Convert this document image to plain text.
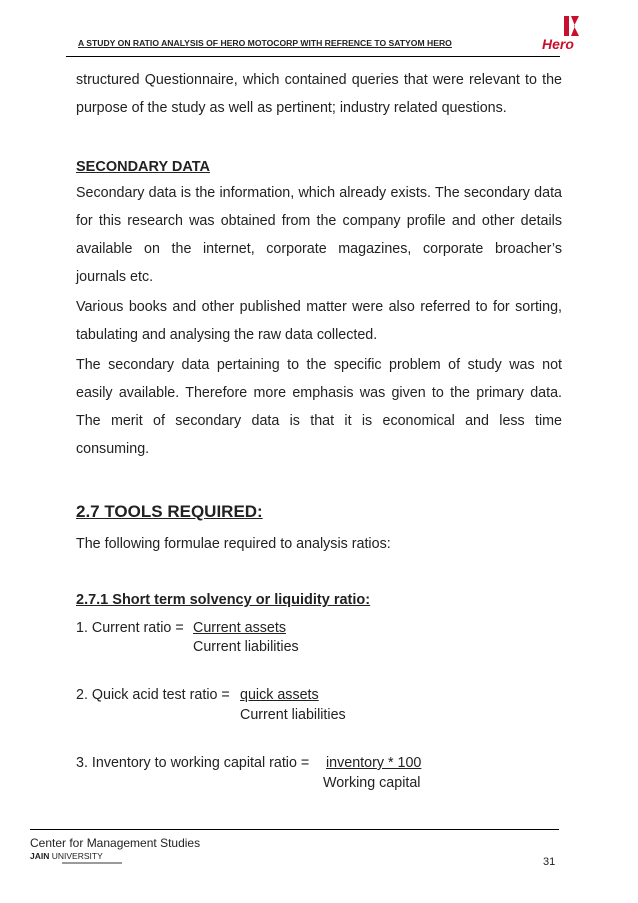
A STUDY ON RATIO ANALYSIS OF HERO MOTOCORP WITH REFRENCE TO SATYOM HERO	Hero
structured Questionnaire, which contained queries that were relevant to the purpose of the study as well as pertinent; industry related questions.
SECONDARY DATA
Secondary data is the information, which already exists. The secondary data for this research was obtained from the company profile and other details available on the internet, corporate magazines, corporate broacher’s journals etc.
Various books and other published matter were also referred to for sorting, tabulating and analysing the raw data collected.
The secondary data pertaining to the specific problem of study was not easily available. Therefore more emphasis was given to the primary data. The merit of secondary data is that it is economical and less time consuming.
2.7 TOOLS REQUIRED:
The following formulae required to analysis ratios:
2.7.1 Short term solvency or liquidity ratio:
1. Current ratio = Current assets
Current liabilities
2. Quick acid test ratio = quick assets
Current liabilities
3. Inventory to working capital ratio = inventory * 100
Working capital
Center for Management Studies
JAIN UNIVERSITY	31
